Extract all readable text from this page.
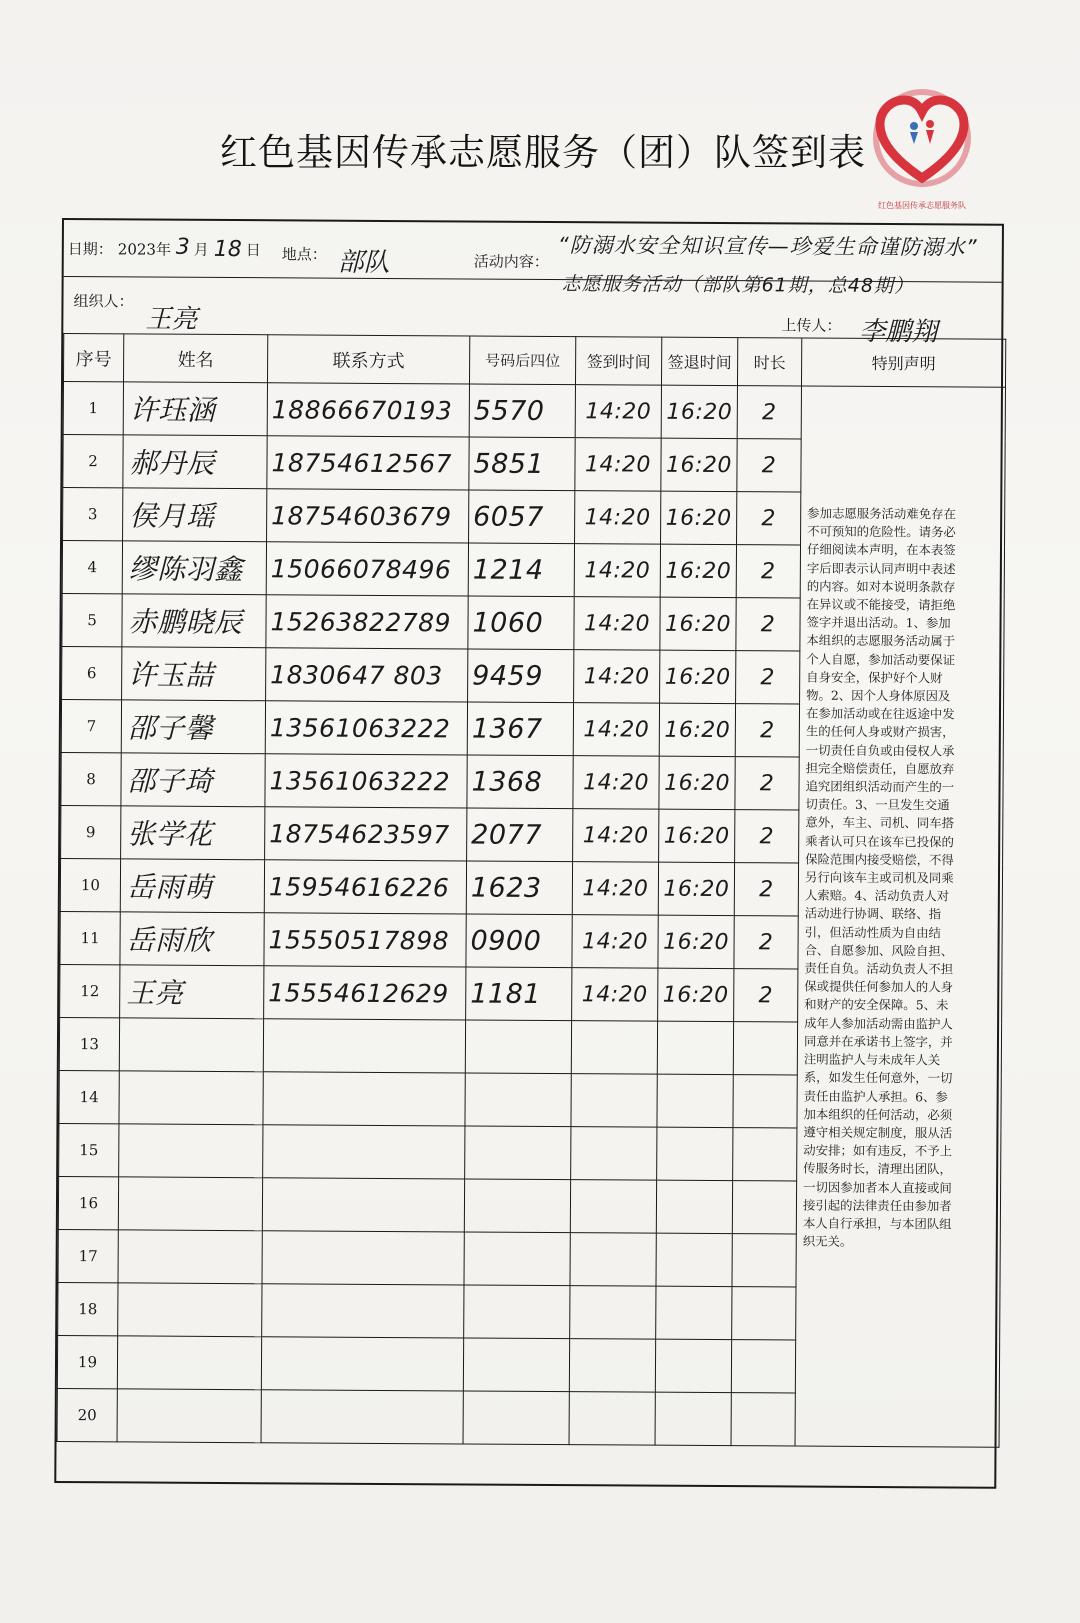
红色基因传承志愿服务（团）队签到表
红色基因传承志愿服务队
日期： 2023年 3 月 18 日 地点： 部队	活动内容：
“防溺水安全知识宣传—珍爱生命谨防溺水”
志愿服务活动（部队第61期，总48期）
组织人：
王亮	上传人： 李鹏翔
序号	姓名	联系方式	号码后四位	签到时间	签退时间	时长	特别声明
1	许珏涵	18866670193	5570	14:20	16:20	2	参加志愿服务活动难免存在不可预知的危险性。请务必仔细阅读本声明，在本表签字后即表示认同声明中表述的内容。如对本说明条款存在异议或不能接受，请拒绝签字并退出活动。1、参加本组织的志愿服务活动属于个人自愿，参加活动要保证自身安全，保护好个人财物。2、因个人身体原因及在参加活动或在往返途中发生的任何人身或财产损害，一切责任自负或由侵权人承担完全赔偿责任，自愿放弃追究团组织活动而产生的一切责任。3、一旦发生交通意外，车主、司机、同车搭乘者认可只在该车已投保的保险范围内接受赔偿，不得另行向该车主或司机及同乘人索赔。4、活动负责人对活动进行协调、联络、指引，但活动性质为自由结合、自愿参加、风险自担、责任自负。活动负责人不担保或提供任何参加人的人身和财产的安全保障。5、未成年人参加活动需由监护人同意并在承诺书上签字，并注明监护人与未成年人关系，如发生任何意外，一切责任由监护人承担。6、参加本组织的任何活动，必须遵守相关规定制度，服从活动安排；如有违反，不予上传服务时长，清理出团队，一切因参加者本人直接或间接引起的法律责任由参加者本人自行承担，与本团队组织无关。

2	郝丹辰	18754612567	5851	14:20	16:20	2	
3	侯月瑶	18754603679	6057	14:20	16:20	2	
4	缪陈羽鑫	15066078496	1214	14:20	16:20	2	
5	赤鹏晓辰	15263822789	1060	14:20	16:20	2	
6	许玉喆	1830647 803	9459	14:20	16:20	2	
7	邵子馨	13561063222	1367	14:20	16:20	2	
8	邵子琦	13561063222	1368	14:20	16:20	2	
9	张学花	18754623597	2077	14:20	16:20	2	
10	岳雨萌	15954616226	1623	14:20	16:20	2	
11	岳雨欣	15550517898	0900	14:20	16:20	2	
12	王亮	15554612629	1181	14:20	16:20	2	
13							
14							
15							
16							
17							
18							
19							
20							
